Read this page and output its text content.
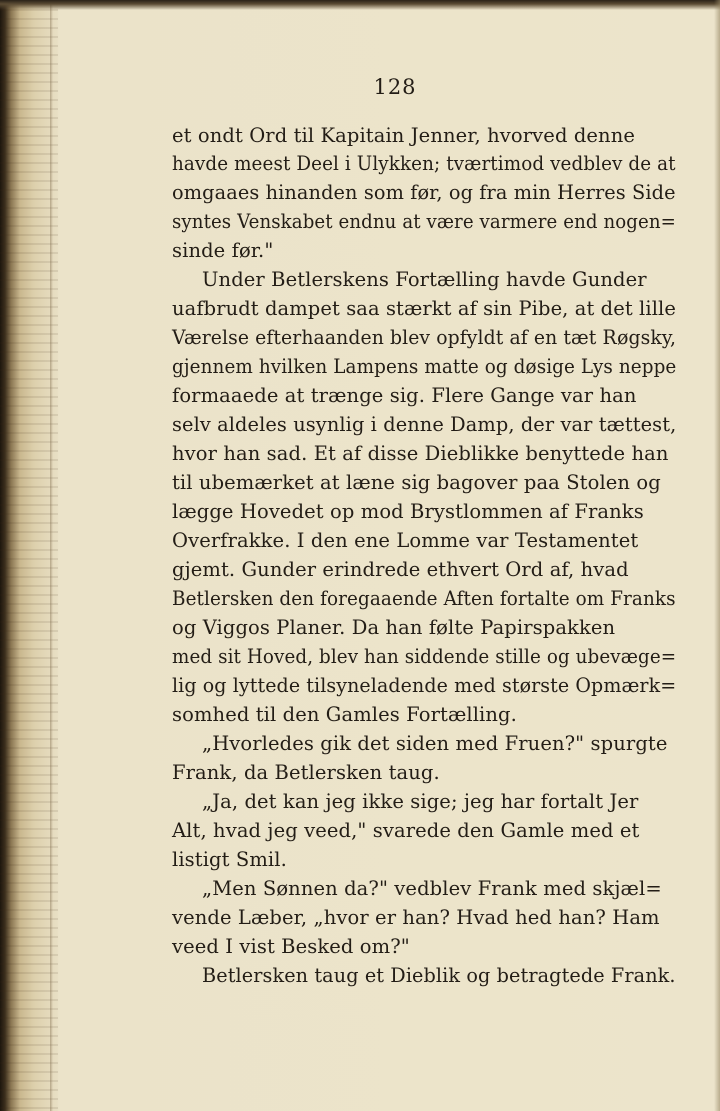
128
et ondt Ord til Kapitain Jenner, hvorved denne
havde meest Deel i Ulykken; tværtimod vedblev de at
omgaaes hinanden som før, og fra min Herres Side
syntes Venskabet endnu at være varmere end nogen=
sinde før."
Under Betlerskens Fortælling havde Gunder
uafbrudt dampet saa stærkt af sin Pibe, at det lille
Værelse efterhaanden blev opfyldt af en tæt Røgsky,
gjennem hvilken Lampens matte og døsige Lys neppe
formaaede at trænge sig. Flere Gange var han
selv aldeles usynlig i denne Damp, der var tættest,
hvor han sad. Et af disse Dieblikke benyttede han
til ubemærket at læne sig bagover paa Stolen og
lægge Hovedet op mod Brystlommen af Franks
Overfrakke. I den ene Lomme var Testamentet
gjemt. Gunder erindrede ethvert Ord af, hvad
Betlersken den foregaaende Aften fortalte om Franks
og Viggos Planer. Da han følte Papirspakken
med sit Hoved, blev han siddende stille og ubevæge=
lig og lyttede tilsyneladende med største Opmærk=
somhed til den Gamles Fortælling.
„Hvorledes gik det siden med Fruen?" spurgte
Frank, da Betlersken taug.
„Ja, det kan jeg ikke sige; jeg har fortalt Jer
Alt, hvad jeg veed," svarede den Gamle med et
listigt Smil.
„Men Sønnen da?" vedblev Frank med skjæl=
vende Læber, „hvor er han? Hvad hed han? Ham
veed I vist Besked om?"
Betlersken taug et Dieblik og betragtede Frank.
